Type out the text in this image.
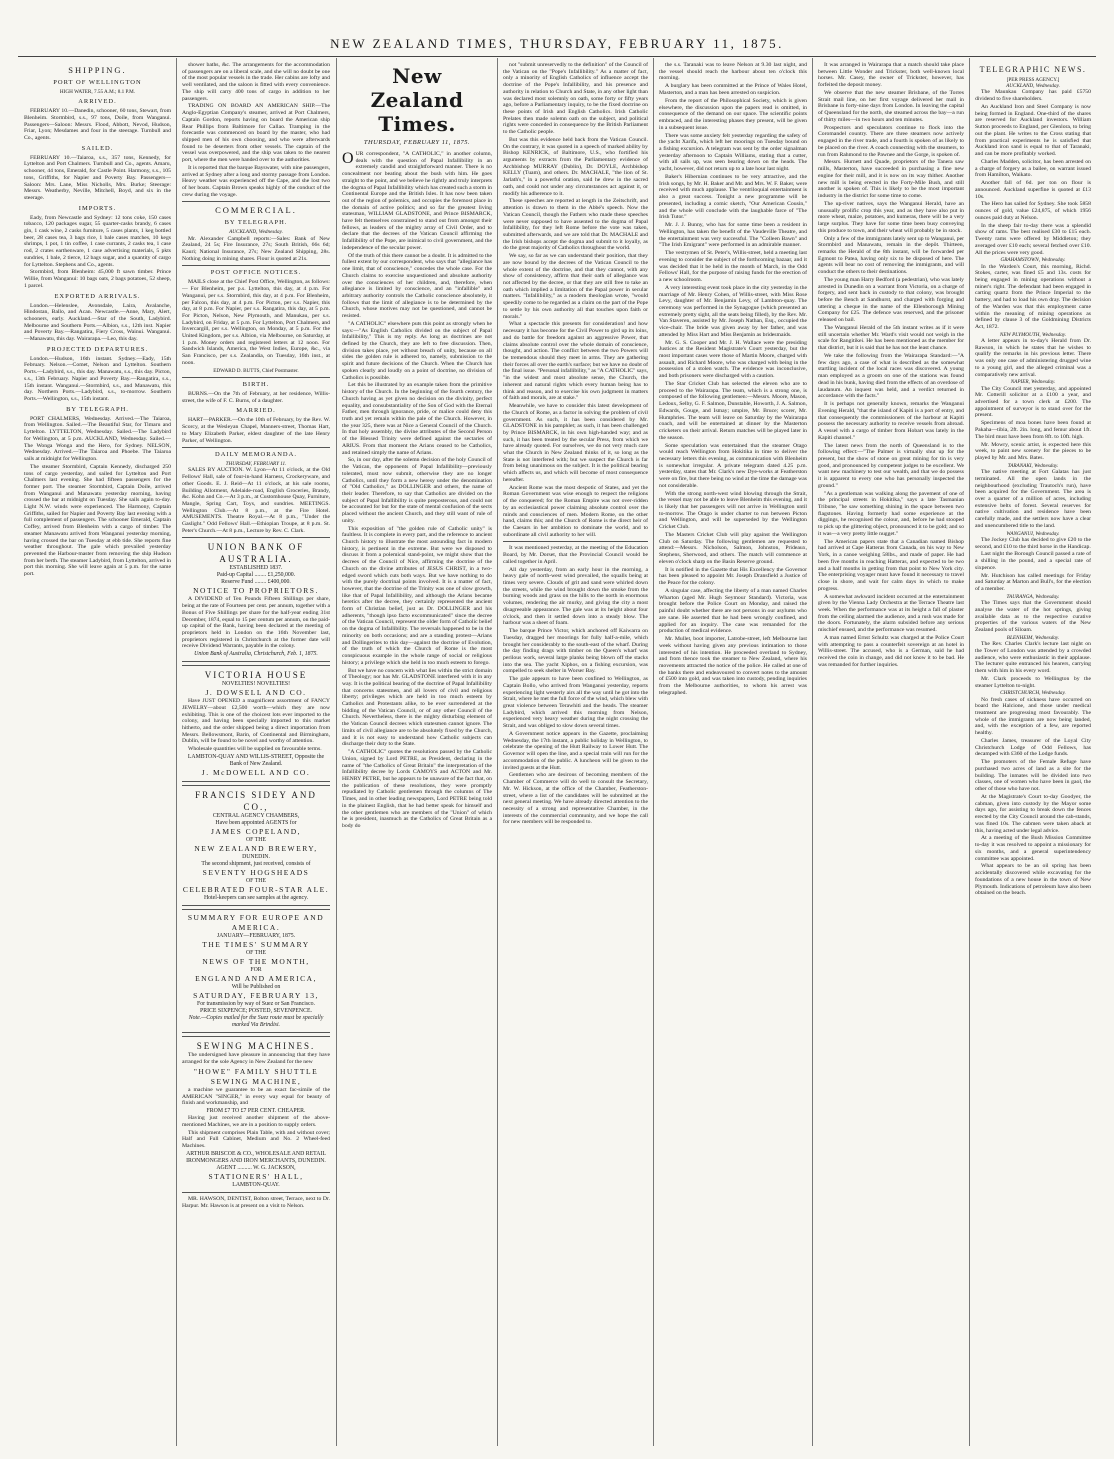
NEW ZEALAND TIMES, THURSDAY, FEBRUARY 11, 1875.
SHIPPING.
PORT OF WELLINGTON
HIGH WATER, 7.55 A.M.; 8.1 P.M.
ARRIVED.

FEBRUARY 10.—Danedin, schooner, 60 tons, Stewart, from Blenheim. Stormbird, s.s., 97 tons, Doile, from Wanganui. Passengers—Saloon: Messrs. Flood, Abbott, Nevod, Hudson, Friar, Lyon; Mesdames and four in the steerage. Turnbull and Co., agents.

SAILED.

FEBRUARY 10.—Taiaroa, s.s., 357 tons, Kennedy, for Lyttelton and Port Chalmers. Turnbull and Co., agents. Amaru, schooner, 44 tons, Emerald, for Castle Point. Harmony, s.s., 105 tons, Griffiths, for Napier and Poverty Bay. Passengers—Saloon: Mrs. Lane, Miss Nicholls, Mrs. Burke; Steerage: Messrs. Weatherby, Neville, Mitchell, Boyd, and six in the steerage.

IMPORTS.

Eady, from Newcastle and Sydney: 12 tons coke, 150 cases tobacco, 120 packages sugar, 55 quarter-casks brandy, 6 cases gin, 1 cask wine, 2 casks furniture, 5 cases plants, 1 keg bottled beer, 28 cases tea, 3 bags rice, 1 bale cases matches, 10 kegs shrimps, 1 pot, 1 tin coffee, 1 case currants, 2 casks tea, 1 case rod, 2 crates earthenware, 1 case advertising materials, 5 pkts sundries, 1 bale, 2 tierce, 12 bags sugar, and a quantity of cargo for Lyttelton. Stephens and Co., agents.

Stormbird, from Blenheim: 45,000 ft sawn timber. Prince Willie, from Wanganui: 10 bags oats, 2 bags potatoes, 52 sheep, 1 parcel.

EXPORTED ARRIVALS.

London.—Helenslee, Avonsdale, Laira, Avalanche, Hindostan, Ballo, and Acan. Newcastle.—Anne, Mary, Alert, schooners, early. Auckland.—Star of the South, Ladybird. Melbourne and Southern Ports.—Albion, s.s., 12th inst. Napier and Poverty Bay.—Rangatira, Fiery Cross, Wainui. Wanganui.—Manawatu, this day. Wairarapa.—Leo, this day.

PROJECTED DEPARTURES.

London.—Hudson, 16th instant. Sydney.—Eady, 15th February. Nelson.—Comet, Nelson and Lyttelton. Southern Ports.—Ladybird, s.s., this day. Manawatu, s.s., this day. Picton, s.s., 13th February. Napier and Poverty Bay.—Rangatira, s.s., 15th instant. Wanganui.—Stormbird, s.s., and Manawatu, this day. Northern Ports.—Ladybird, s.s., to-morrow. Southern Ports.—Wellington, s.s., 15th instant.

BY TELEGRAPH.

PORT CHALMERS, Wednesday. Arrived.—The Taiaroa, from Wellington. Sailed.—The Beautiful Star, for Timaru and Lyttelton. LYTTELTON, Wednesday. Sailed.—The Ladybird for Wellington, at 5 p.m. AUCKLAND, Wednesday. Sailed.—The Wonga Wonga and the Hero, for Sydney. NELSON, Wednesday. Arrived.—The Taiaroa and Phoebe. The Taiaroa sails at midnight for Wellington.

The steamer Stormbird, Captain Kennedy, discharged 250 tons of cargo yesterday, and sailed for Lyttelton and Port Chalmers last evening. She had fifteen passengers for the former port. The steamer Stormbird, Captain Doile, arrived from Wanganui and Manawatu yesterday morning, having crossed the bar at midnight on Tuesday. She sails again to-day. Light N.W. winds were experienced. The Harmony, Captain Griffiths, sailed for Napier and Poverty Bay last evening with a full complement of passengers. The schooner Emerald, Captain Coffey, arrived from Blenheim with a cargo of timber. The steamer Manawatu arrived from Wanganui yesterday morning, having crossed the bar on Tuesday at ebb tide. She reports fine weather throughout. The gale which prevailed yesterday prevented the Harbour-master from removing the ship Hudson from her berth. The steamer Ladybird, from Lyttelton, arrived in port this morning. She will leave again at 5 p.m. for the same port.

shower baths, &c. The arrangements for the accommodation of passengers are on a liberal scale, and she will no doubt be one of the most popular vessels in the trade. Her cabins are lofty and well ventilated, and the saloon is fitted with every convenience. The ship will carry 400 tons of cargo in addition to her passengers.

TRADING ON BOARD AN AMERICAN SHIP.—The Anglo-Egyptian Company's steamer, arrived at Port Chalmers, Captain Gordon, reports having on board the American ship Rear Phillips from Baltimore for Callao. Tramping in the forecastle was commenced on board by the master, who had shipped men of his own choosing, and who were afterwards found to be deserters from other vessels. The captain of the vessel was overpowered, and the ship was taken to the nearest port, where the men were handed over to the authorities.

It is reported that the barque Bayswater, with nine passengers, arrived at Sydney after a long and stormy passage from London. Heavy weather was experienced off the Cape, and she lost two of her boats. Captain Brown speaks highly of the conduct of the crew during the voyage.

COMMERCIAL.
BY TELEGRAPH.
AUCKLAND, Wednesday.

Mr. Alexander Campbell reports:—Sales: Bank of New Zealand, 24 5s; Fire Insurance, 27s; South British, 66s 6d; Kauri; National Insurance, 27s; New Zealand Shipping, 28s. Nothing doing in mining shares. Flour is quoted at 21s.

POST OFFICE NOTICES.

MAILS close at the Chief Post Office, Wellington, as follows:— For Blenheim, per p.s. Lyttelton, this day, at 4 p.m. For Wanganui, per s.s. Stormbird, this day, at 4 p.m. For Blenheim, per Falcon, this day, at 4 p.m. For Picton, per s.s. Napier, this day, at 8 p.m. For Napier, per s.s. Rangatira, this day, at 5 p.m. For Picton, Nelson, New Plymouth, and Manukau, per s.s. Ladybird, on Friday, at 5 p.m. For Lyttelton, Port Chalmers, and Invercargill, per s.s. Wellington, on Monday, at 5 p.m. For the United Kingdom, per s.s. Albion, via Melbourne, on Saturday, at 1 p.m. Money orders and registered letters at 12 noon. For Sandwich Islands, America, the West Indies, Europe, &c., via San Francisco, per s.s. Zealandia, on Tuesday, 16th inst., at noon.

EDWARD D. BUTTS, Chief Postmaster.
BIRTH.

BURNS.—On the 7th of February, at her residence, Willis-street, the wife of F. C. Burns, of a daughter.

MARRIED.

HART—PARKER.—On the 10th of February, by the Rev. W. Scorcy, at the Wesleyan Chapel, Manners-street, Thomas Hart, to Mary Elizabeth Parker, eldest daughter of the late Henry Parker, of Wellington.

DAILY MEMORANDA.
THURSDAY, FEBRUARY 11.

SALES BY AUCTION. W. Lyon—At 11 o'clock, at the Old Fellows' Hall, sale of four-in-hand Harness, Crockeryware, and other Goods. E. J. Reid—At 11 o'clock, at his sale rooms, Building Allotment, Adelaide-road, English Groceries, Brandy, &c. Kohn and Co.—At 3 p.m., at Customhouse Quay, Furniture, Mangle, Spring Cart, Toys, and sundries. MEETINGS. Wellington Club.—At 8 p.m., at the Fire Hotel. AMUSEMENTS. Theatre Royal.—At 8 p.m., "Under the Gaslight." Odd Fellows' Hall.—Ethiopian Troupe, at 8 p.m. St. Peter's Church.—At 8 p.m., Lecture by Rev. C. Clark.

UNION BANK OF AUSTRALIA.
ESTABLISHED 1837.
Paid-up Capital ........ £1,250,000.
Reserve Fund ........ £400,000.
NOTICE TO PROPRIETORS.

A DIVIDEND of Ten Pounds Fifteen Shillings per share, being at the rate of Fourteen per cent. per annum, together with a Bonus of Five Shillings per share for the half-year ending 31st December, 1874, equal to 15 per centum per annum, on the paid-up capital of the Bank, having been declared at the meeting of proprietors held in London on the 16th November last, proprietors registered in Christchurch at the former date will receive Dividend Warrants, payable in the colony.

Union Bank of Australia, Christchurch, Feb. 1, 1875.
VICTORIA HOUSE
NOVELTIES! NOVELTIES!
J. DOWSELL AND CO.

Have JUST OPENED a magnificent assortment of FANCY JEWELRY—about £2,500 worth—which they are now exhibiting. This is one of the choicest lots ever imported to the colony, and having been specially imported to this market hitherto, and the order shipped being a direct importation from Messrs. Bellowsmont, Barin, of Continental and Birmingham, Dublin, will be found to be novel and worthy of attention.

Wholesale quantities will be supplied on favourable terms.

LAMBTON-QUAY AND WILLIS-STREET, Opposite the Bank of New Zealand.
J. McDOWELL AND CO.
FRANCIS SIDEY AND CO.,
CENTRAL AGENCY CHAMBERS,
Have been appointed AGENTS for
JAMES COPELAND,
OF THE
NEW ZEALAND BREWERY,
DUNEDIN.
The second shipment, just received, consists of
SEVENTY HOGSHEADS
OF THE
CELEBRATED FOUR-STAR ALE.
Hotel-keepers can see samples at the agency.
SUMMARY FOR EUROPE AND AMERICA.
JANUARY—FEBRUARY, 1875.
THE TIMES' SUMMARY
OF THE
NEWS OF THE MONTH,
FOR
ENGLAND AND AMERICA,
Will be Published on
SATURDAY, FEBRUARY 13,
For transmission by way of Suez or San Francisco.
PRICE SIXPENCE; POSTED, SEVENPENCE.
Note.—Copies mailed for the Suez route must be specially marked Via Brindisi.
SEWING MACHINES.

The undersigned have pleasure in announcing that they have arranged for the sole Agency in New Zealand for the new

"HOWE" FAMILY SHUTTLE SEWING MACHINE,

a machine we guarantee to be an exact fac-simile of the AMERICAN "SINGER," in every way equal for beauty of finish and workmanship, and

FROM £7 TO £7 PER CENT. CHEAPER.

Having just received another shipment of the above-mentioned Machines, we are in a position to supply orders.

This shipment comprises Plain Table, with and without cover; Half and Full Cabinet, Medium and No. 2 Wheel-feed Machines.

ARTHUR BRISCOE & CO., WHOLESALE AND RETAIL IRONMONGERS AND IRON MERCHANTS, DUNEDIN.
AGENT .......... W. G. JACKSON,
STATIONERS' HALL,
LAMBTON-QUAY.

MR. HAWSON, DENTIST, Bolton street, Terrace, next to Dr. Harpur. Mr. Hawson is at present on a visit to Nelson.

New Zealand Times.
THURSDAY, FEBRUARY 11, 1875.

OUR correspondent, "A CATHOLIC," in another column, deals with the question of Papal Infallibility in an extremely candid and straightforward manner. There is no concealment nor beating about the bush with him. He goes straight to the point, and we believe he rightly and truly interprets the dogma of Papal Infallibility which has created such a storm in Continental Europe and the British Isles. It has now been taken out of the region of polemics, and occupies the foremost place in the domain of active politics; and so far the greatest living statesman, WILLIAM GLADSTONE, and Prince BISMARCK, have felt themselves constrained to stand out from amongst their fellows, as leaders of the mighty array of Civil Order, and to declare that the decrees of the Vatican Council affirming the Infallibility of the Pope, are inimical to civil government, and the independence of the secular power.

Of the truth of this there cannot be a doubt. It is admitted to the fullest extent by our correspondent, who says that "allegiance has one limit, that of conscience," concedes the whole case. For the Church claims to exercise unquestioned and absolute authority over the consciences of her children, and, therefore, when allegiance is limited by conscience, and an "infallible" and arbitrary authority controls the Catholic conscience absolutely, it follows that the limit of allegiance is to be determined by the Church, whose motives may not be questioned, and cannot be resisted.

"A CATHOLIC" elsewhere puts this point as strongly when he says:—"As English Catholics divided on the subject of Papal Infallibility," This is my reply. As long as doctrines are not defined by the Church, they are left to free discussion. Then, division takes place, yet without breach of unity, because on all sides the golden rule is adhered to, namely, submission to the spirit and future decisions of the Church. When the Church has spoken clearly and loudly on a point of doctrine, no division of Catholics is possible.

Let this be illustrated by an example taken from the primitive history of the Church. In the beginning of the fourth century, the Church having as yet given no decision on the divinity, perfect equality, and consubstantiality of the Son of God with the Eternal Father, men through ignorance, pride, or malice could deny this truth and yet remain within the pale of the Church. However, in the year 325, there was at Nice a General Council of the Church. In that holy assembly, the divine attributes of the Second Person of the Blessed Trinity were defined against the sectaries of ARIUS. From that moment the Arians ceased to be Catholics, and retained simply the name of Arians.

So, in our day, after the solemn decision of the holy Council of the Vatican, the opponents of Papal Infallibility—previously tolerated, must now submit, otherwise they are no longer Catholics, until they form a new heresy under the denomination of "Old Catholics," as DOLLINGER and others, the name of their leader. Therefore, to say that Catholics are divided on the subject of Papal Infallibility is quite preposterous, and could not be accounted for but for the state of mental confusion of the sects placed without the ancient Church, and they still want of rule of unity.

This exposition of "the golden rule of Catholic unity" is faultless. It is complete in every part, and the reference to ancient Church history to illustrate the most astounding fact in modern history, is pertinent in the extreme. But were we disposed to discuss it from a polemical stand-point, we might show that the decrees of the Council of Nice, affirming the doctrine of the Church on the divine attributes of JESUS CHRIST, in a two-edged sword which cuts both ways. But we have nothing to do with the purely doctrinal points involved. It is a matter of fact, however, that the doctrine of the Trinity was one of slow growth, like that of Papal Infallibility, and although the Arians became heretics after the decree, they certainly represented the ancient form of Christian belief, just as Dr. DOLLINGER and his adherents, "though ipso facto excommunicated" since the decree of the Vatican Council, represent the older form of Catholic belief on the dogma of Infallibility. The reversals happened to be in the minority on both occasions; and are a standing protest—Arians and Dollingerites to this day—against the doctrine of Evolution, of the truth of which the Church of Rome is the most conspicuous example in the whole range of social or religious history; a privilege which she held in too much esteem to forego.

But we have no concern with what lies within the strict domain of Theology; nor has Mr. GLADSTONE interfered with it in any way. It is the political bearing of the doctrine of Papal Infallibility that concerns statesmen, and all lovers of civil and religious liberty; privileges which are held in too much esteem by Catholics and Protestants alike, to be ever surrendered at the bidding of the Vatican Council, or of any other Council of the Church. Nevertheless, there is the mighty disturbing element of the Vatican Council decrees which statesmen cannot ignore. The limits of civil allegiance are to be absolutely fixed by the Church, and it is not easy to understand how Catholic subjects can discharge their duty to the State.

"A CATHOLIC" quotes the resolutions passed by the Catholic Union, signed by Lord PETRE, as President, declaring in the name of "the Catholics of Great Britain" the interpretation of the Infallibility decree by Lords CAMOYS and ACTON and Mr. HENRY PETRE, but he appears to be unaware of the fact that, on the publication of these resolutions, they were promptly repudiated by Catholic gentlemen through the columns of The Times, and in other leading newspapers, Lord PETRE being told in the plainest English, that he had better speak for himself and the other gentlemen who are members of the "Union" of which he is president, inasmuch as the Catholics of Great Britain as a body do

not "submit unreservedly to the definition" of the Council of the Vatican on the "Pope's Infallibility." As a matter of fact, only a minority of English Catholics of influence accept the doctrine of the Pope's Infallibility, and his presence and authority in relation to Church and State, in any other light than was declared most solemnly on oath, some forty or fifty years ago, before a Parliamentary inquiry, to be the fixed doctrine on these points of Irish and English Catholics. Irish Catholic Prelates then made solemn oath on the subject, and political rights were conceded in consequence by the British Parliament to the Catholic people.

But was this evidence held back from the Vatican Council. On the contrary, it was quoted in a speech of marked ability by Bishop KENRICK, of Baltimore, U.S., who fortified his arguments by extracts from the Parliamentary evidence of Archbishop MURRAY (Dublin), Dr. DOYLE, Archbishop KELLY (Tuam), and others. Dr. MACHALE, "the lion of St. Jarlath's," in a powerful oration, said he drew in the sacred oath, and could not under any circumstances act against it, or modify his adherence to it.

These speeches are reported at length in the Zeitschrift, and attention is drawn to them in the Abbé's speech. Now the Vatican Council, though the Fathers who made these speeches were never supposed to have assented to the dogma of Papal Infallibility, for they left Rome before the vote was taken, submitted afterwards, and we are told that Dr. MACHALE and the Irish bishops accept the dogma and submit to it loyally, as do the great majority of Catholics throughout the world.

We say, so far as we can understand their position, that they are now bound by the decrees of the Vatican Council to the whole extent of the doctrine, and that they cannot, with any show of consistency, affirm that their oath of allegiance was not affected by the decree, or that they are still free to take an oath which implied a limitation of the Papal power in secular matters. "Infallibility," as a modern theologian wrote, "would speedily come to be regarded as a claim on the part of the Pope to settle by his own authority all that touches upon faith or morals."

What a spectacle this presents for consideration! and how necessary it has become for the Civil Power to gird up its loins, and do battle for freedom against an aggressive Power, that claims absolute control over the whole domain of conscience, thought, and action. The conflict between the two Powers will be tremendous should they meet in arms. They are gathering their forces all over the earth's surface; but we have no doubt of the final issue. "Personal infallibility," as "A CATHOLIC" says, "in the widest and most absolute sense, the Church, the inherent and natural rights which every human being has to think and reason, and to exercise his own judgment in matters of faith and morals, are at stake."

Meanwhile, we have to consider this latest development of the Church of Rome, as a factor in solving the problem of civil government. As such, it has been considered by Mr. GLADSTONE in his pamphlet; as such, it has been challenged by Prince BISMARCK, in his own high-handed way; and as such, it has been treated by the secular Press, from which we have already quoted. For ourselves, we do not very much care what the Church in New Zealand thinks of it, so long as the State is not interfered with; but we suspect the Church is far from being unanimous on the subject. It is the political bearing which affects us, and which will become of most consequence hereafter.

Ancient Rome was the most despotic of States, and yet the Roman Government was wise enough to respect the religions of the conquered; for the Roman Empire was not over-ridden by an ecclesiastical power claiming absolute control over the minds and consciences of men. Modern Rome, on the other hand, claims this; and the Church of Rome is the direct heir of the Caesars in her ambition to dominate the world, and to subordinate all civil authority to her will.

It was mentioned yesterday, at the meeting of the Education Board, by Mr. Dorset, that the Provincial Council would be called together in April.

All day yesterday, from an early hour in the morning, a heavy gale of north-west wind prevailed, the squalls being at times very severe. Clouds of grit and sand were whirled down the streets, while the wind brought down the smoke from the burning woods and grass on the hills to the north in enormous volumes, rendering the air murky, and giving the city a most disagreeable appearance. The gale was at its height about four o'clock, and then it settled down into a steady blow. The harbour was a sheet of foam.

The barque Prince Victor, which anchored off Kaiwarra on Tuesday, dragged her moorings for fully half-a-mile, which brought her considerably to the south-east of the wharf. During the day finding drags with timber on the Queen's wharf was perilous work, several large planks being blown off the stacks into the sea. The yacht Xiphos, on a fishing excursion, was compelled to seek shelter in Worser Bay.

The gale appears to have been confined to Wellington, as Captain Bollo, who arrived from Wanganui yesterday, reports experiencing light westerly airs all the way until he got into the Strait, where he met the full force of the wind, which blew with great violence between Terawhiti and the heads. The steamer Ladybird, which arrived this morning from Nelson, experienced very heavy weather during the night crossing the Strait, and was obliged to slow down several times.

A Government notice appears in the Gazette, proclaiming Wednesday, the 17th instant, a public holiday in Wellington, to celebrate the opening of the Hutt Railway to Lower Hutt. The Governor will open the line, and a special train will run for the accommodation of the public. A luncheon will be given to the invited guests at the Hutt.

Gentlemen who are desirous of becoming members of the Chamber of Commerce will do well to consult the Secretary, Mr. W. Hickson, at the office of the Chamber, Featherston-street, where a list of the candidates will be submitted at the next general meeting. We have already directed attention to the necessity of a strong and representative Chamber, in the interests of the commercial community, and we hope the call for new members will be responded to.

the s.s. Taranaki was to leave Nelson at 9.30 last night, and the vessel should reach the harbour about ten o'clock this morning.

A burglary has been committed at the Prince of Wales Hotel, Masterton, and a man has been arrested on suspicion.

From the report of the Philosophical Society, which is given elsewhere, the discussion upon the papers read is omitted, in consequence of the demand on our space. The scientific points embraced, and the interesting phases they present, will be given in a subsequent issue.

There was some anxiety felt yesterday regarding the safety of the yacht Xarifa, which left her moorings on Tuesday bound on a fishing excursion. A telegram was sent by the order signalman yesterday afternoon to Captain Williams, stating that a cutter, with all sails up, was seen bearing down on the heads. The yacht, however, did not return up to a late hour last night.

Baker's Hibernian continues to be very attractive, and the Irish songs, by Mr. H. Baker and Mr. and Mrs. W. F. Baker, were received with much applause. The ventriloquial entertainment is also a great success. Tonight a new programme will be presented, including a comic sketch, "Our American Cousin," and the whole will conclude with the laughable farce of "The Irish Tutor."

Mr. J. J. Bunny, who has for some time been a resident in Wellington, has taken the benefit of the Vaudeville Theatre, and the entertainment was very successful. The "Colleen Bawn" and "The Irish Emigrant" were performed in an admirable manner.

The vestrymen of St. Peter's, Willis-street, held a meeting last evening to consider the subject of the forthcoming bazaar, and it was decided that it be held in the month of March, in the Odd Fellows' Hall, for the purpose of raising funds for the erection of a new schoolroom.

A very interesting event took place in the city yesterday in the marriage of Mr. Henry Cohen, of Willis-street, with Miss Rose Levy, daughter of Mr. Benjamin Levy, of Lambton-quay. The ceremony was performed in the Synagogue (which presented an extremely pretty sight, all the seats being filled), by the Rev. Mr. Van Staveren, assisted by Mr. Joseph Nathan, Esq., occupied the vice-chair. The bride was given away by her father, and was attended by Miss Hart and Miss Benjamin as bridesmaids.

Mr. G. S. Cooper and Mr. J. H. Wallace were the presiding Justices at the Resident Magistrate's Court yesterday, but the most important cases were those of Martin Moore, charged with assault, and Richard Moore, who was charged with being in the possession of a stolen watch. The evidence was inconclusive, and both prisoners were discharged with a caution.

The Star Cricket Club has selected the eleven who are to proceed to the Wairarapa. The team, which is a strong one, is composed of the following gentlemen:—Messrs. Moore, Mason, Ledoux, Selby, G. F. Salmon, Dunstable, Howorth, J. A. Salmon, Edwards, Gouge, and Ismay; umpire, Mr. Bruce; scorer, Mr. Humphries. The team will leave on Saturday by the Wairarapa coach, and will be entertained at dinner by the Masterton cricketers on their arrival. Return matches will be played later in the season.

Some speculation was entertained that the steamer Otago would reach Wellington from Hokitika in time to deliver the necessary letters this evening, as communication with Blenheim is somewhat irregular. A private telegram dated 4.25 p.m. yesterday, states that Mr. Clark's new Dye-works at Featherston were on fire, but there being no wind at the time the damage was not considerable.

With the strong north-west wind blowing through the Strait, the vessel may not be able to leave Blenheim this evening, and it is likely that her passengers will not arrive in Wellington until to-morrow. The Otago is under charter to run between Picton and Wellington, and will be superseded by the Wellington Cricket Club.

The Masters Cricket Club will play against the Wellington Club on Saturday. The following gentlemen are requested to attend:—Messrs. Nicholson, Salmon, Johnston, Prideaux, Stephens, Sherwood, and others. The match will commence at eleven o'clock sharp on the Basin Reserve ground.

It is notified in the Gazette that His Excellency the Governor has been pleased to appoint Mr. Joseph Dransfield a Justice of the Peace for the colony.

A singular case, affecting the liberty of a man named Charles Wharton (aged Mr. Hugh Seymour Standard). Victoria, was brought before the Police Court on Monday, and raised the painful doubt whether there are not persons in our asylums who are sane. He asserted that he had been wrongly confined, and applied for an inquiry. The case was remanded for the production of medical evidence.

Mr. Mullet, boot importer, Latrobe-street, left Melbourne last week without having given any previous intimation to those interested of his intention. He proceeded overland to Sydney, and from thence took the steamer to New Zealand, where his movements attracted the notice of the police. He called at one of the banks there and endeavoured to convert notes to the amount of £500 into gold, and was taken into custody, pending inquiries from the Melbourne authorities, to whom his arrest was telegraphed.

It was arranged in Wairarapa that a match should take place between Little Wonder and Trickster, both well-known local horses. Mr. Casey, the owner of Trickster, however, has forfeited the deposit money.

We observe that the new steamer Brisbane, of the Torres Strait mail line, on her first voyage delivered her mail in Brisbane in forty-nine days from London. In leaving the capital of Queensland for the north, she steamed across the bay—a run of thirty miles—in two hours and ten minutes.

Prospectors and speculators continue to flock into the Coromandel country. There are three steamers now actively engaged in the river trade, and a fourth is spoken of as likely to be placed on the river. A coach connecting with the steamers, to run from Rahmond to the Pawnee and the Gorge, is spoken of.

Messrs. Hurnett and Quade, proprietors of the Tanera saw mills, Masterton, have succeeded in purchasing a fine new engine for their mill, and it is now on its way thither. Another new mill is being erected in the Forty-Mile Bush, and still another is spoken of. This is likely to be the most important industry in the district for some time to come.

The up-river natives, says the Wanganui Herald, have an unusually prolific crop this year, and as they have also put in more wheat, maize, potatoes, and kumeras, there will be a very large surplus. They have for some time been busy conveying this produce to town, and their wheat will probably be in stock.

Only a few of the immigrants lately sent up to Wanganui, per Stormbird and Manawatu, remain in the depôt. Thirteen, remarks the Herald of the 8th instant, will be forwarded per Egmont to Patea, having only six to be disposed of here. The agents will bear no cost of removing the immigrants, and will conduct the others to their destinations.

The young man Harry Bedford (a pedestrian), who was lately arrested in Dunedin on a warrant from Victoria, on a charge of forgery, and sent back in custody to that colony, was brought before the Bench at Sandhurst, and charged with forging and uttering a cheque in the name of the Ellenborough Mining Company for £25. The defence was reserved, and the prisoner released on bail.

The Wanganui Herald of the 5th instant writes as if it were still uncertain whether Mr. Ward's visit would not weigh in the scale for Rangitikei. He has been mentioned as the member for that district, but it is said that he has not the least chance.

We take the following from the Wairarapa Standard:—"A few days ago, a case of what is described as the somewhat startling incident of the local races was discovered. A young man employed as a groom on one of the stations was found dead in his bunk, having died from the effects of an overdose of laudanum. An inquest was held, and a verdict returned in accordance with the facts."

It is perhaps not generally known, remarks the Wanganui Evening Herald, "that the island of Kapiti is a port of entry, and that consequently the commissioners of the harbour at Kapiti possess the necessary authority to receive vessels from abroad. A vessel with a cargo of timber from Hobart was lately in the Kapiti channel."

The latest news from the north of Queensland is to the following effect:—"The Palmer is virtually shut up for the present, but the show of stone on great mining for tin is very good, and pronounced by competent judges to be excellent. We want new machinery to test our wealth, and that we do possess it is apparent to every one who has personally inspected the ground."

"As a gentleman was walking along the pavement of one of the principal streets in Hokitika," says a late Tasmanian Tribune, "he saw something shining in the space between two flagstones. Having formerly had some experience at the diggings, he recognised the colour, and, before he had stooped to pick up the glittering object, pronounced it to be gold; and so it was—a very pretty little nugget."

The American papers state that a Canadian named Bishop had arrived at Cape Hatteras from Canada, on his way to New York, in a canoe weighing 58lbs., and made of paper. He had been five months in reaching Hatteras, and expected to be two and a half months in getting from that point to New York city. The enterprising voyager must have found it necessary to travel close in shore, and wait for calm days in which to make progress.

A somewhat awkward incident occurred at the entertainment given by the Vienna Lady Orchestra at the Terrace Theatre last week. When the performance was at its height a fall of plaster from the ceiling alarmed the audience, and a rush was made for the doors. Fortunately, the alarm subsided before any serious mischief ensued, and the performance was resumed.

A man named Ernst Schultz was charged at the Police Court with attempting to pass a counterfeit sovereign at an hotel in Willis-street. The accused, who is a German, said he had received the coin in change, and did not know it to be bad. He was remanded for further inquiries.

TELEGRAPHIC NEWS.
[PER PRESS AGENCY.]
AUCKLAND, Wednesday.

The Maunkau Company has paid £5750 dividend to five shareholders.

An Auckland Iron and Steel Company is now being formed in England. One-third of the shares are reserved for Auckland investors. William Sutton proceeds to England, per Glenlora, to bring out the plant. He writes to the Cross stating that from practical experiments he is satisfied that Auckland iron sand is equal to that of Taranaki, and can be more profitably worked.

Charles Madden, solicitor, has been arrested on a charge of forgery as a bailee, on warrant issued from Hamilton, Waikato.

Another fall of 6d. per ton on flour is announced. Auckland superfine is quoted at £13 10s.

The Hero has sailed for Sydney. She took 5858 ounces of gold, value £24,875, of which 1956 ounces paid duty at Nelson.

In the sheep fair to-day there was a splendid show of rams. The best realised £30 to £15 each. Twenty rams were offered by Middleton; they averaged over £10 each; several fetched over £10. All the prices were very good.

GRAHAMSTOWN, Wednesday.

In the Warden's Court, this morning, Richd. Stokes, carter, was fined £5 and 13s. costs for being engaged in mining operations without a miner's right. The defendant had been engaged in carting quartz from the Prince Imperial to the battery, and had to load his own dray. The decision of the Warden was that this employment came within the meaning of mining operations as defined by clause 3 of the Goldmining Districts Act, 1872.

NEW PLYMOUTH, Wednesday.

A letter appears in to-day's Herald from Dr. Rawson, in which he states that he wishes to qualify the remarks in his previous letter. There was only one case of administering drugged wine to a young girl, and the alleged criminal was a comparatively new arrival.

NAPIER, Wednesday.

The City Council met yesterday, and appointed Mr. Cotterill solicitor at a £100 a year, and advertised for a town clerk at £200. The appointment of surveyor is to stand over for the present.

Specimens of moa bones have been found at Pakaha—tibia, 2ft. 2in. long, and femur about 1ft. The bird must have been from 8ft. to 10ft. high.

Mr. Mowry, scenic artist, is expected here this week, to paint new scenery for the pieces to be played by Mr. and Mrs. Bates.

TARANAKI, Wednesday.

The native meeting at Fort Galatas has just terminated. All the open lands in the neighbourhood (excluding Trautoch's run), have been acquired for the Government. The area is over a quarter of a million of acres, including extensive belts of forest. Several reserves for native cultivation and residence have been carefully made, and the settlers now have a clear and unencumbered title to the land.

WANGANUI, Wednesday.

The Jockey Club has decided to give £20 to the second, and £10 to the third horse in the Handicap.

Last night the Borough Council passed a rate of a shilling in the pound, and a special rate of sixpence.

Mr. Hutchison has called meetings for Friday and Saturday at Marton and Bull's, for the election of a member.

TAURANGA, Wednesday.

The Times says that the Government should analyse the water of the hot springs, giving available data as to the respective curative properties of the various waters of the New Zealand pools of Siloam.

BLENHEIM, Wednesday.

The Rev. Charles Clark's lecture last night on the Tower of London was attended by a crowded audience, who were enthusiastic in their applause. The lecturer quite entranced his hearers, carrying them with him in his every word.

Mr. Clark proceeds to Wellington by the steamer Lyttelton to-night.

CHRISTCHURCH, Wednesday.

No fresh cases of sickness have occurred on board the Halcione, and those under medical treatment are progressing most favourably. The whole of the immigrants are now being landed, and, with the exception of a few, are reported healthy.

Charles James, treasurer of the Loyal City Christchurch Lodge of Odd Fellows, has decamped with £360 of the Lodge funds.

The promoters of the Female Refuge have purchased two acres of land as a site for the building. The inmates will be divided into two classes, one of women who have been in gaol, the other of those who have not.

At the Magistrate's Court to-day Goodyer, the cabman, given into custody by the Mayor some days ago, for assisting to break down the fences erected by the City Council around the cab-stands, was fined 10s. The cabmen were taken aback at this, having acted under legal advice.

At a meeting of the Bush Mission Committee to-day it was resolved to appoint a missionary for six months, and a general superintendency committee was appointed.

What appears to be an oil spring has been accidentally discovered while excavating for the foundations of a new house in the town of New Plymouth. Indications of petroleum have also been obtained on the beach.
